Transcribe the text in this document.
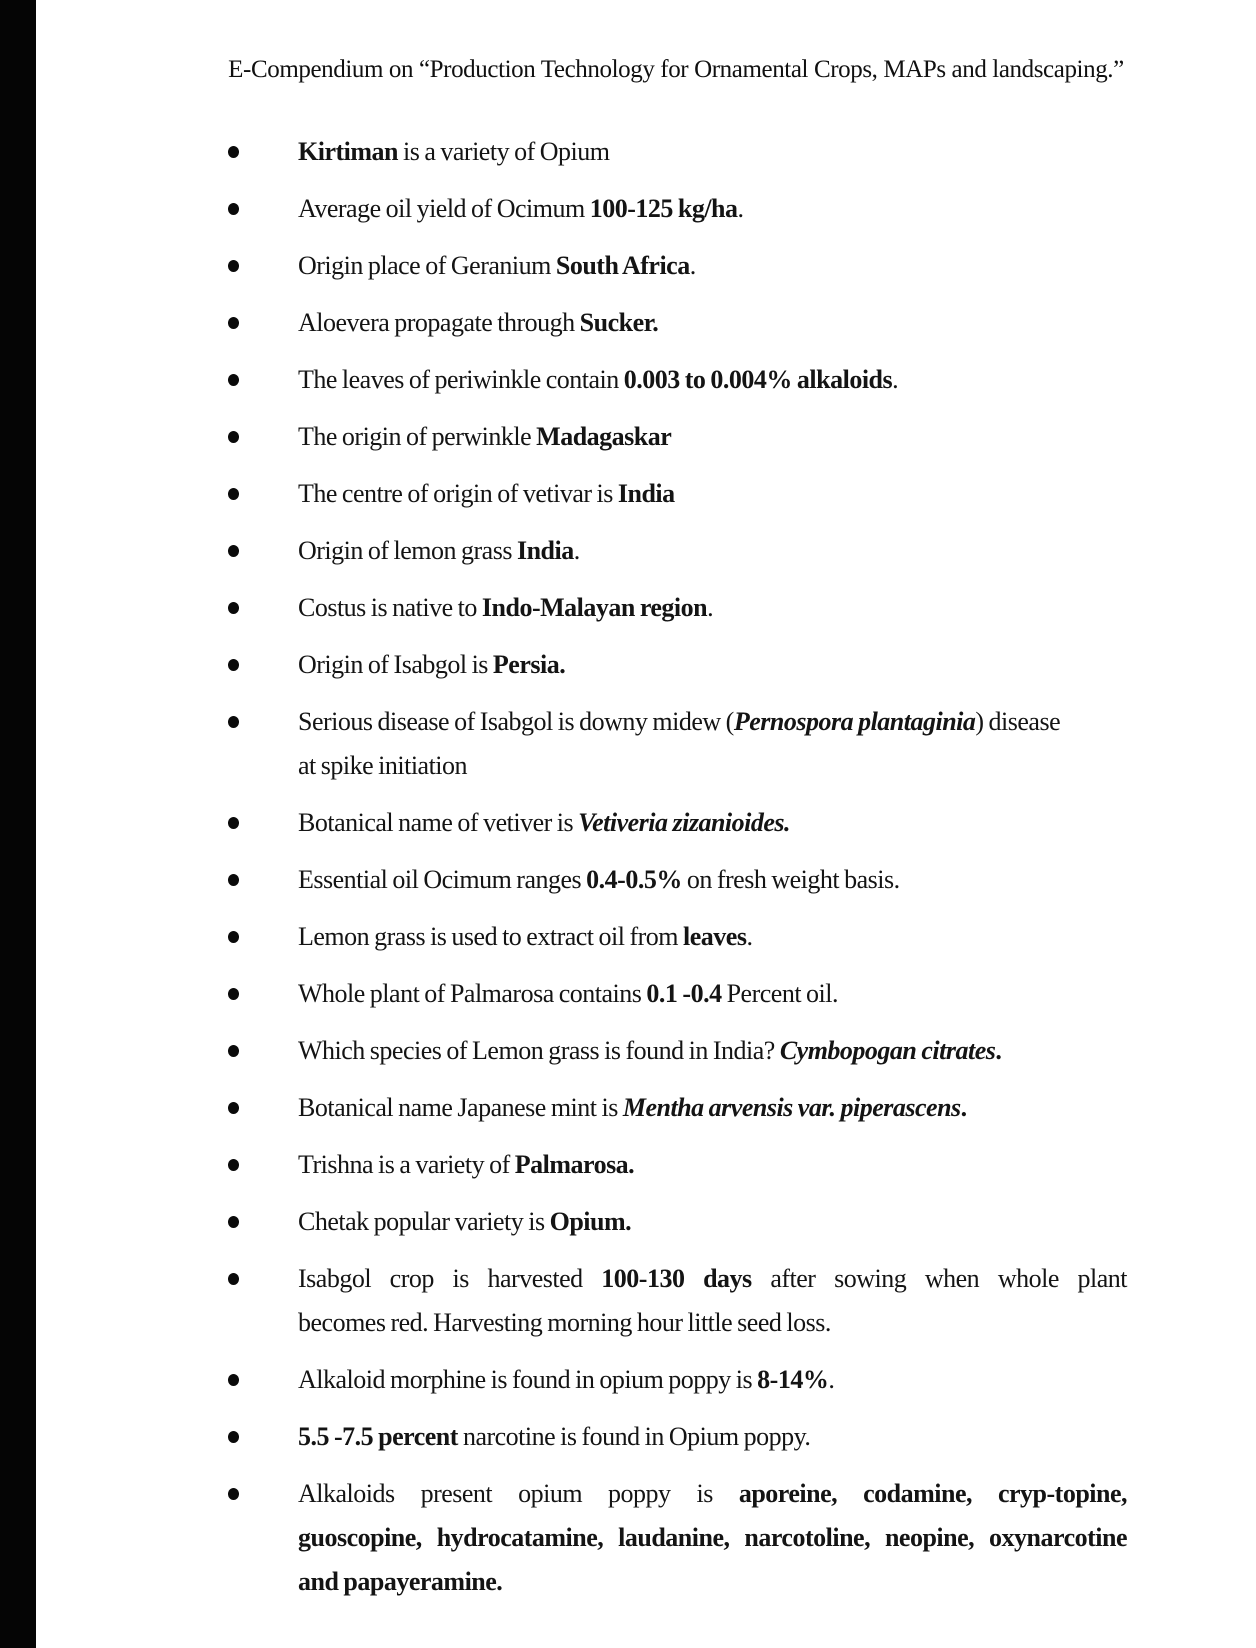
E-Compendium on “Production Technology for Ornamental Crops, MAPs and landscaping.”
Kirtiman is a variety of Opium
Average oil yield of Ocimum 100-125 kg/ha.
Origin place of Geranium South Africa.
Aloevera propagate through Sucker.
The leaves of periwinkle contain 0.003 to 0.004% alkaloids.
The origin of perwinkle Madagaskar
The centre of origin of vetivar is India
Origin of lemon grass India.
Costus is native to Indo-Malayan region.
Origin of Isabgol is Persia.
Serious disease of Isabgol is downy midew (Pernospora plantaginia) disease
at spike initiation
Botanical name of vetiver is Vetiveria zizanioides.
Essential oil Ocimum ranges 0.4-0.5% on fresh weight basis.
Lemon grass is used to extract oil from leaves.
Whole plant of Palmarosa contains 0.1 -0.4 Percent oil.
Which species of Lemon grass is found in India? Cymbopogan citrates.
Botanical name Japanese mint is Mentha arvensis var. piperascens.
Trishna is a variety of Palmarosa.
Chetak popular variety is Opium.
Isabgol crop is harvested 100-130 days after sowing when whole plant
becomes red. Harvesting morning hour little seed loss.
Alkaloid morphine is found in opium poppy is 8-14%.
5.5 -7.5 percent narcotine is found in Opium poppy.
Alkaloids present opium poppy is aporeine, codamine, cryp-topine,
guoscopine, hydrocatamine, laudanine, narcotoline, neopine, oxynarcotine
and papayeramine.
